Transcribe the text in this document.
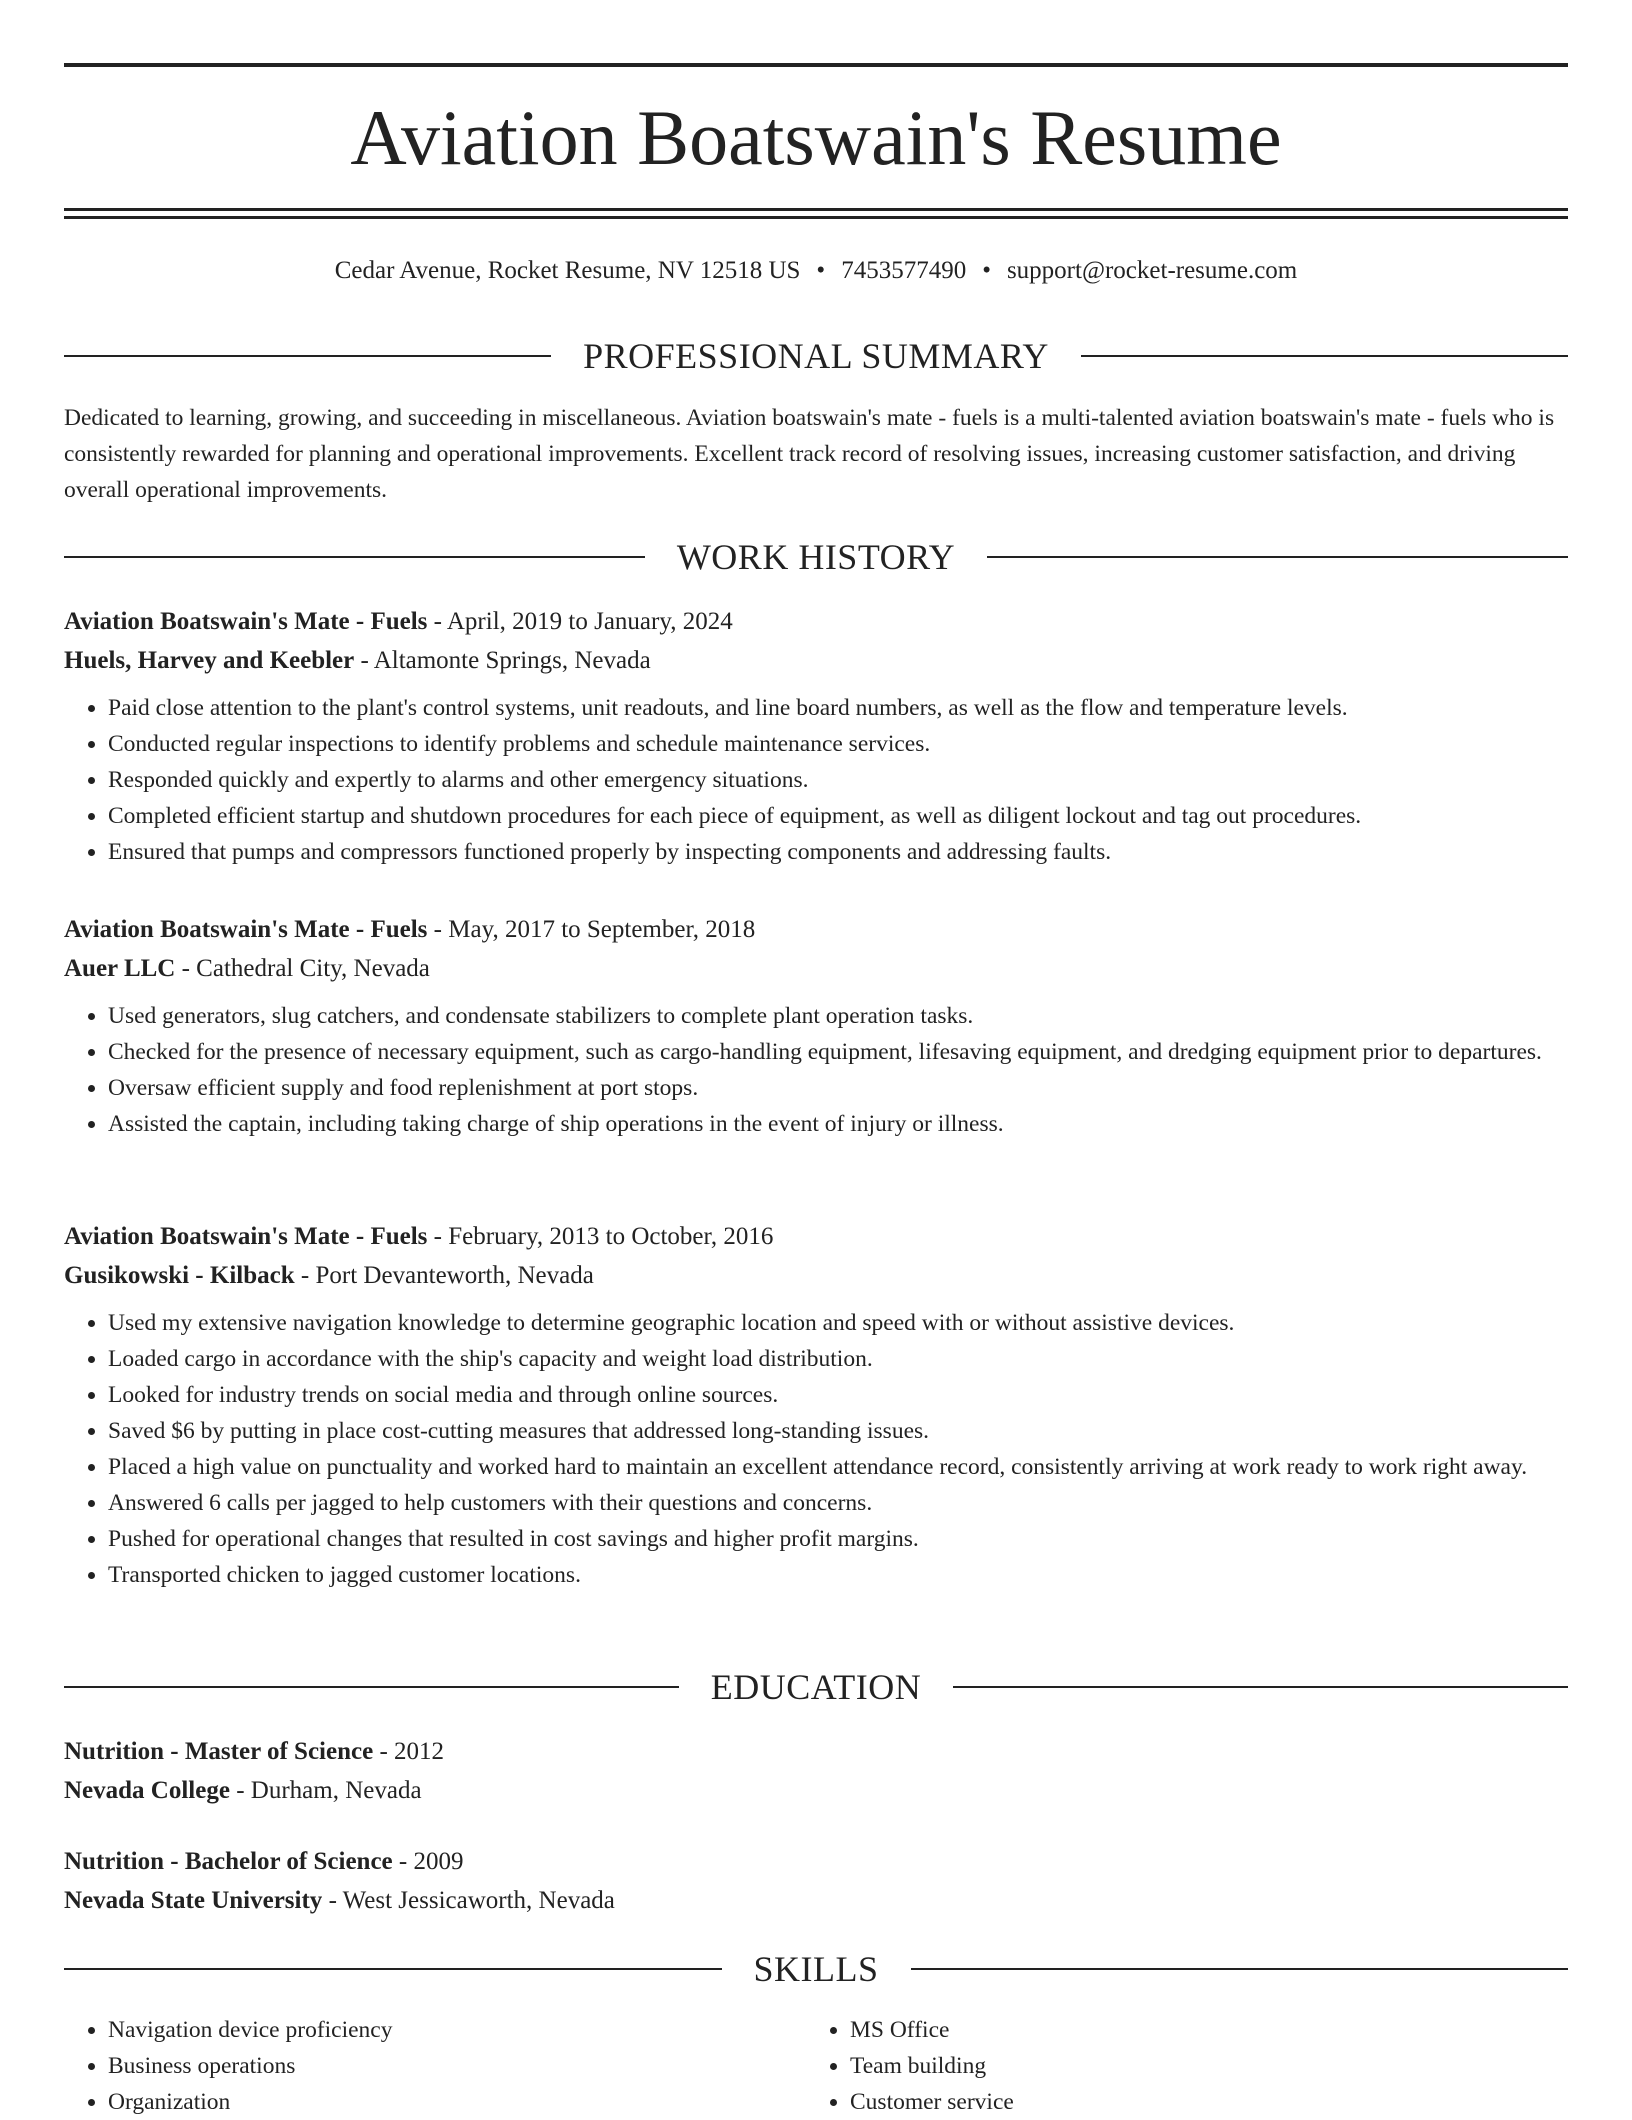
Aviation Boatswain's Resume
Cedar Avenue, Rocket Resume, NV 12518 US • 7453577490 • support@rocket-resume.com
PROFESSIONAL SUMMARY

Dedicated to learning, growing, and succeeding in miscellaneous. Aviation boatswain's mate - fuels is a multi-talented aviation boatswain's mate - fuels who is consistently rewarded for planning and operational improvements. Excellent track record of resolving issues, increasing customer satisfaction, and driving overall operational improvements.

WORK HISTORY
Aviation Boatswain's Mate - Fuels - April, 2019 to January, 2024
Huels, Harvey and Keebler - Altamonte Springs, Nevada
• Paid close attention to the plant's control systems, unit readouts, and line board numbers, as well as the flow and temperature levels.
• Conducted regular inspections to identify problems and schedule maintenance services.
• Responded quickly and expertly to alarms and other emergency situations.
• Completed efficient startup and shutdown procedures for each piece of equipment, as well as diligent lockout and tag out procedures.
• Ensured that pumps and compressors functioned properly by inspecting components and addressing faults.
Aviation Boatswain's Mate - Fuels - May, 2017 to September, 2018
Auer LLC - Cathedral City, Nevada
• Used generators, slug catchers, and condensate stabilizers to complete plant operation tasks.
• Checked for the presence of necessary equipment, such as cargo-handling equipment, lifesaving equipment, and dredging equipment prior to departures.
• Oversaw efficient supply and food replenishment at port stops.
• Assisted the captain, including taking charge of ship operations in the event of injury or illness.
Aviation Boatswain's Mate - Fuels - February, 2013 to October, 2016
Gusikowski - Kilback - Port Devanteworth, Nevada
• Used my extensive navigation knowledge to determine geographic location and speed with or without assistive devices.
• Loaded cargo in accordance with the ship's capacity and weight load distribution.
• Looked for industry trends on social media and through online sources.
• Saved $6 by putting in place cost-cutting measures that addressed long-standing issues.
• Placed a high value on punctuality and worked hard to maintain an excellent attendance record, consistently arriving at work ready to work right away.
• Answered 6 calls per jagged to help customers with their questions and concerns.
• Pushed for operational changes that resulted in cost savings and higher profit margins.
• Transported chicken to jagged customer locations.
EDUCATION
Nutrition - Master of Science - 2012
Nevada College - Durham, Nevada
Nutrition - Bachelor of Science - 2009
Nevada State University - West Jessicaworth, Nevada
SKILLS
• Navigation device proficiency
• Business operations
• Organization
• MS Office
• Team building
• Customer service
